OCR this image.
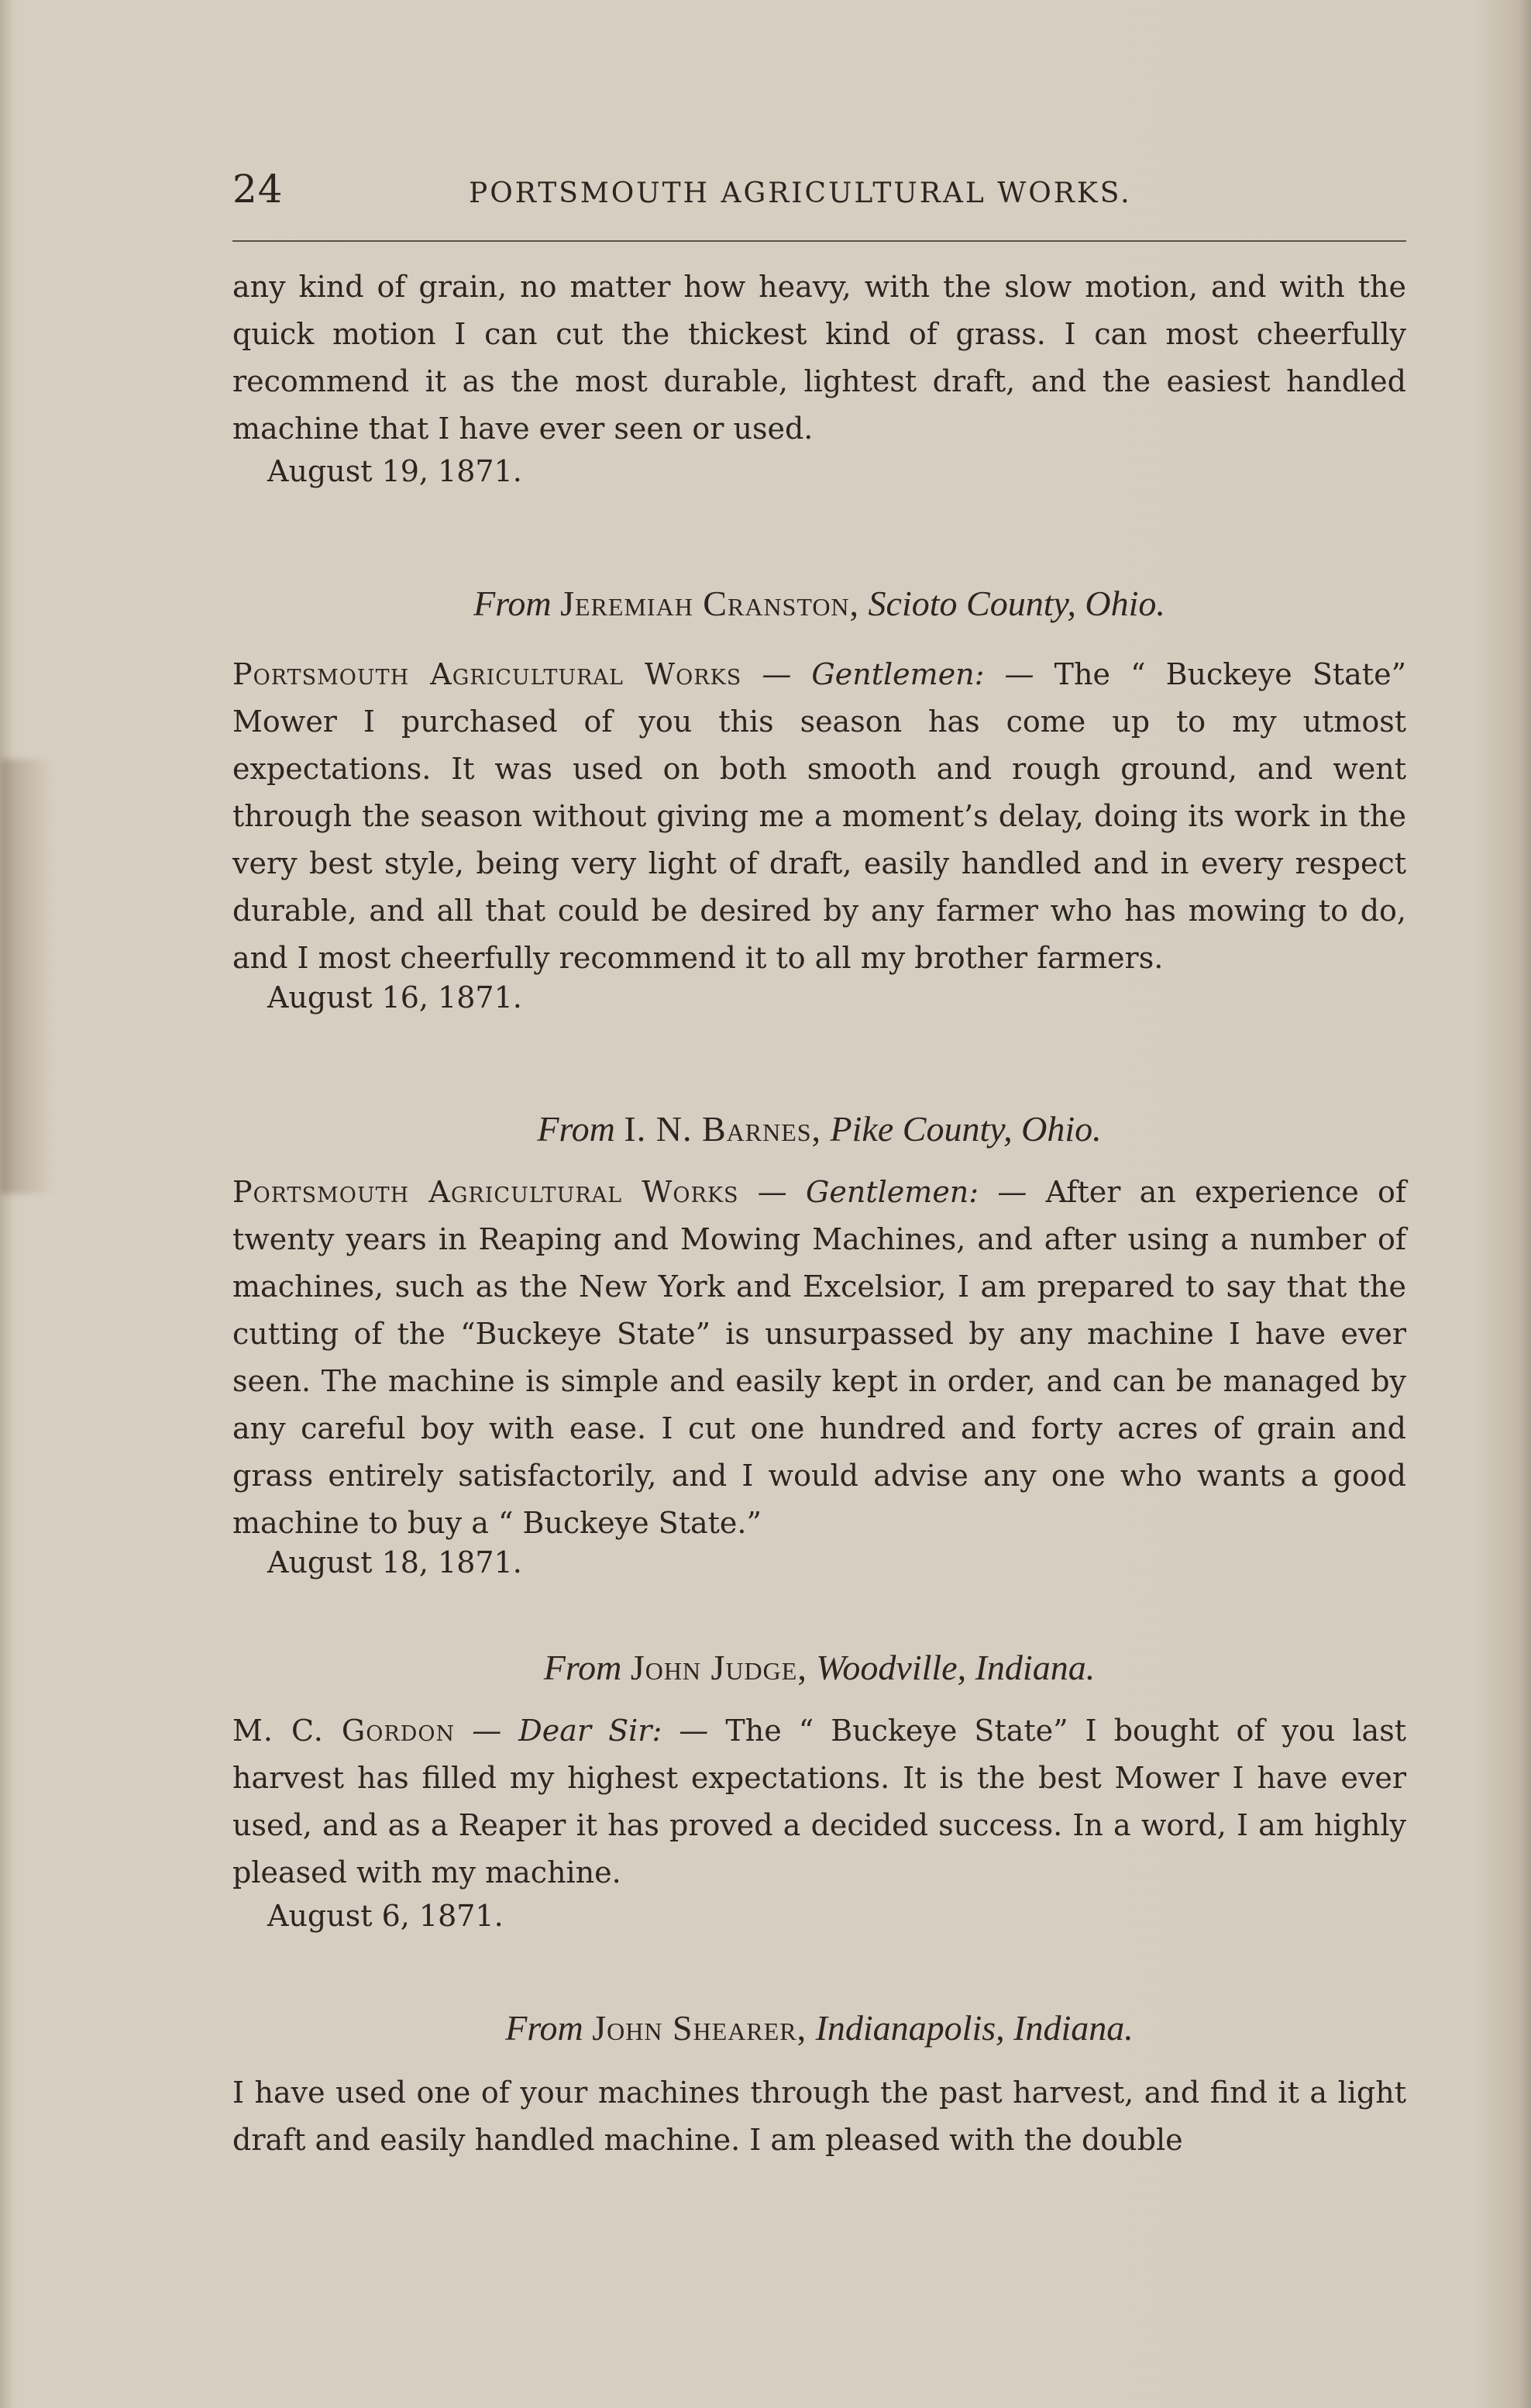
24	PORTSMOUTH AGRICULTURAL WORKS.
any kind of grain, no matter how heavy, with the slow motion, and with the quick motion I can cut the thickest kind of grass. I can most cheerfully recommend it as the most durable, lightest draft, and the easiest handled machine that I have ever seen or used.
August 19, 1871.
From Jeremiah Cranston, Scioto County, Ohio.
Portsmouth Agricultural Works — Gentlemen: — The “ Buckeye State” Mower I purchased of you this season has come up to my utmost expectations. It was used on both smooth and rough ground, and went through the season without giving me a moment’s delay, doing its work in the very best style, being very light of draft, easily handled and in every respect durable, and all that could be desired by any farmer who has mowing to do, and I most cheerfully recommend it to all my brother farmers.
August 16, 1871.
From I. N. Barnes, Pike County, Ohio.
Portsmouth Agricultural Works — Gentlemen: — After an experience of twenty years in Reaping and Mowing Machines, and after using a number of machines, such as the New York and Excelsior, I am prepared to say that the cutting of the “Buckeye State” is unsurpassed by any machine I have ever seen. The machine is simple and easily kept in order, and can be managed by any careful boy with ease. I cut one hundred and forty acres of grain and grass entirely satisfactorily, and I would advise any one who wants a good machine to buy a “ Buckeye State.”
August 18, 1871.
From John Judge, Woodville, Indiana.
M. C. Gordon — Dear Sir: — The “ Buckeye State” I bought of you last harvest has filled my highest expectations. It is the best Mower I have ever used, and as a Reaper it has proved a decided success. In a word, I am highly pleased with my machine.
August 6, 1871.
From John Shearer, Indianapolis, Indiana.
I have used one of your machines through the past harvest, and find it a light draft and easily handled machine. I am pleased with the double
